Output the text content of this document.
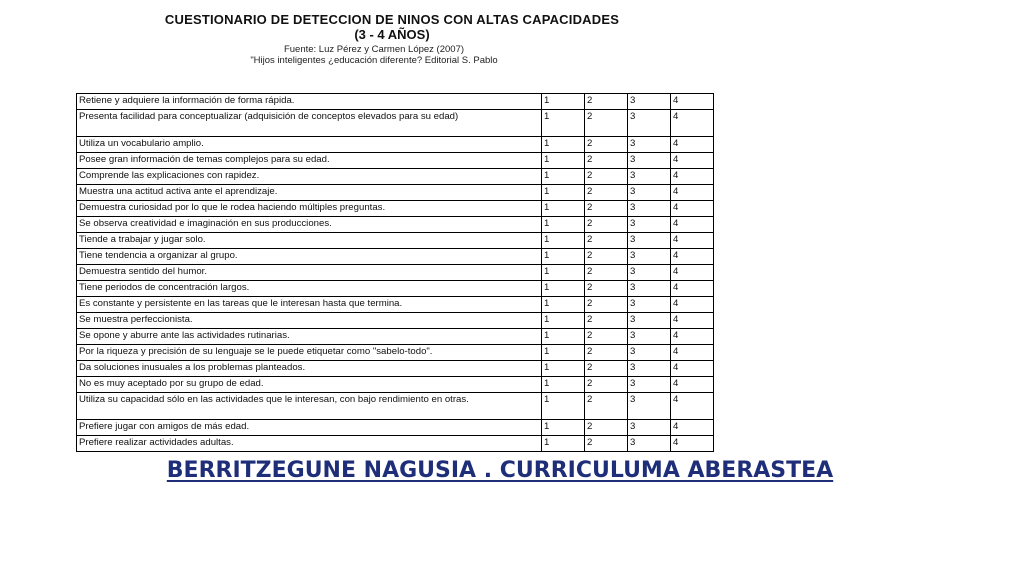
CUESTIONARIO DE DETECCION DE NINOS CON ALTAS CAPACIDADES
(3 - 4 AÑOS)
Fuente: Luz Pérez y Carmen López (2007)
"Hijos inteligentes ¿educación diferente? Editorial S. Pablo
Retiene y adquiere la información de forma rápida.	1	2	3	4
Presenta facilidad para conceptualizar (adquisición de conceptos elevados para su edad)	1	2	3	4
Utiliza un vocabulario amplio.	1	2	3	4
Posee gran información de temas complejos para su edad.	1	2	3	4
Comprende las explicaciones con rapidez.	1	2	3	4
Muestra una actitud activa ante el aprendizaje.	1	2	3	4
Demuestra curiosidad por lo que le rodea haciendo múltiples preguntas.	1	2	3	4
Se observa creatividad e imaginación en sus producciones.	1	2	3	4
Tiende a trabajar y jugar solo.	1	2	3	4
Tiene tendencia a organizar al grupo.	1	2	3	4
Demuestra sentido del humor.	1	2	3	4
Tiene periodos de concentración largos.	1	2	3	4
Es constante y persistente en las tareas que le interesan hasta que termina.	1	2	3	4
Se muestra perfeccionista.	1	2	3	4
Se opone y aburre ante las actividades rutinarias.	1	2	3	4
Por la riqueza y precisión de su lenguaje se le puede etiquetar como "sabelo-todo".	1	2	3	4
Da soluciones inusuales a los problemas planteados.	1	2	3	4
No es muy aceptado por su grupo de edad.	1	2	3	4
Utiliza su capacidad sólo en las actividades que le interesan, con bajo rendimiento en otras.	1	2	3	4
Prefiere jugar con amigos de más edad.	1	2	3	4
Prefiere realizar actividades adultas.	1	2	3	4
BERRITZEGUNE NAGUSIA . CURRICULUMA ABERASTEA
